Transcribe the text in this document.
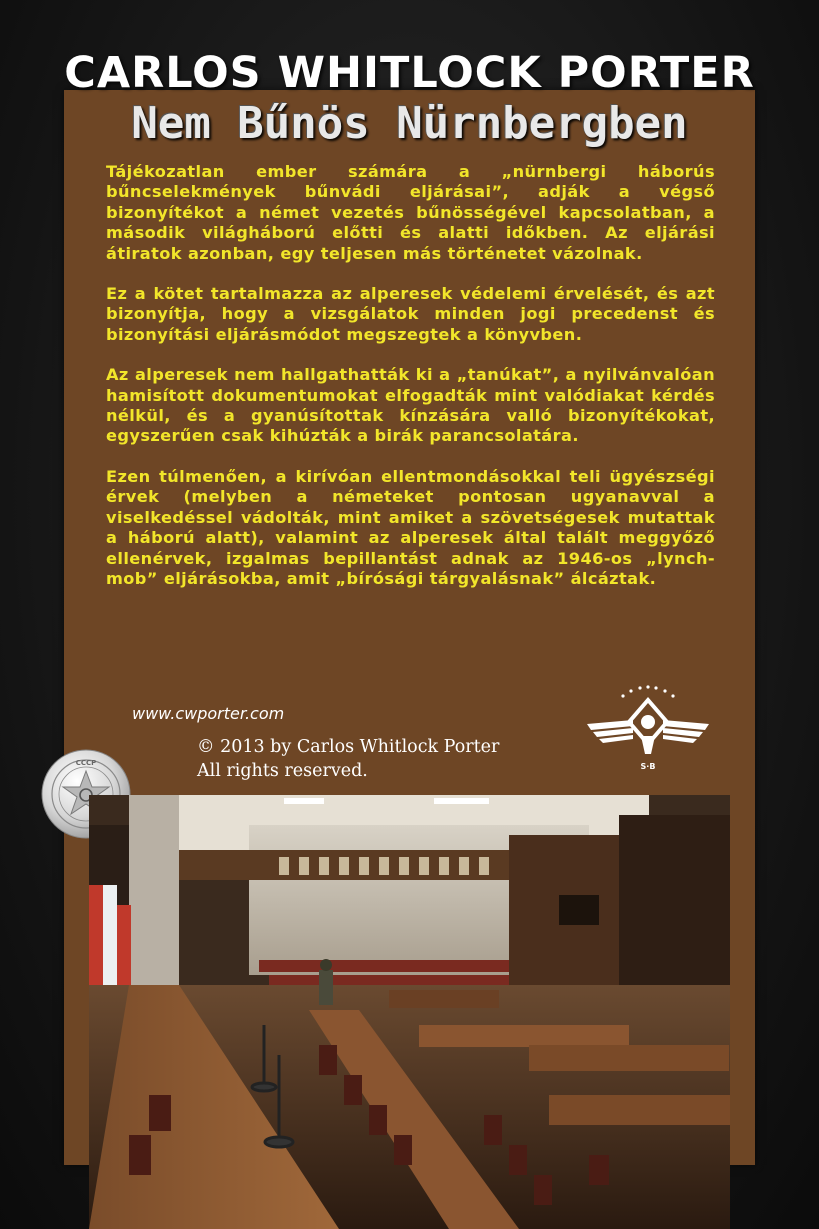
CARLOS WHITLOCK PORTER
Nem Bűnös Nürnbergben

Tájékozatlan ember számára a „nürnbergi háborús bűncselekmények bűnvádi eljárásai”, adják a végső bizonyítékot a német vezetés bűnösségével kapcsolatban, a második világháború előtti és alatti időkben. Az eljárási átiratok azonban, egy teljesen más történetet vázolnak.

Ez a kötet tartalmazza az alperesek védelemi érvelését, és azt bizonyítja, hogy a vizsgálatok minden jogi precedenst és bizonyítási eljárásmódot megszegtek a könyvben.

Az alperesek nem hallgathatták ki a „tanúkat”, a nyilvánvalóan hamisított dokumentumokat elfogadták mint valódiakat kérdés nélkül, és a gyanúsítottak kínzására valló bizonyítékokat, egyszerűen csak kihúzták a birák parancsolatára.

Ezen túlmenően, a kirívóan ellentmondásokkal teli ügyészségi érvek (melyben a németeket pontosan ugyanavval a viselkedéssel vádolták, mint amiket a szövetségesek mutattak a háború alatt), valamint az alperesek által talált meggyőző ellenérvek, izgalmas bepillantást adnak az 1946-os „lynch-mob” eljárásokba, amit „bírósági tárgyalásnak” álcáztak.

www.cwporter.com
© 2013 by Carlos Whitlock Porter
All rights reserved.	S·B
CCCP
